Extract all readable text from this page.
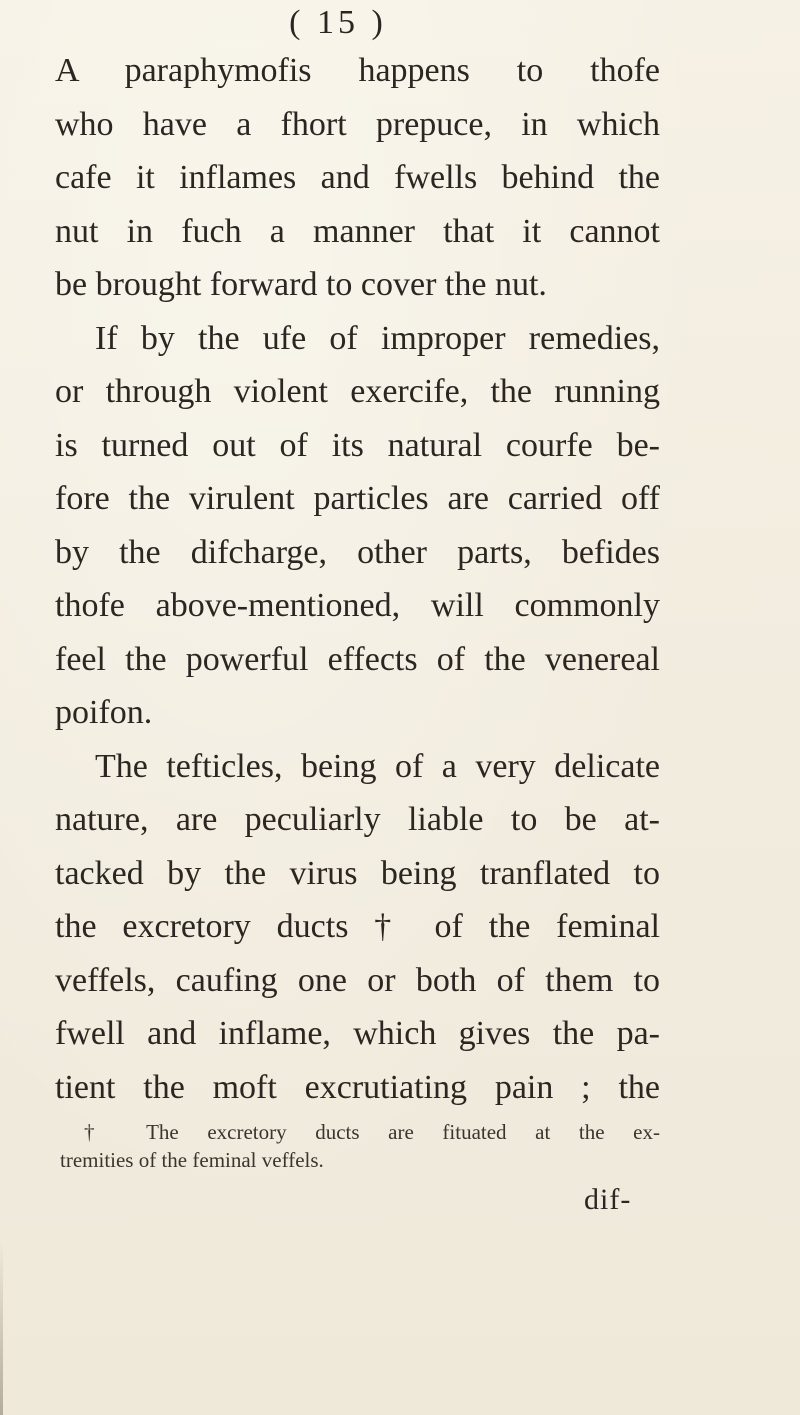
( 15 )
A paraphymofis happens to thofe
who have a fhort prepuce, in which
cafe it inflames and fwells behind the
nut in fuch a manner that it cannot
be brought forward to cover the nut.
If by the ufe of improper remedies,
or through violent exercife, the running
is turned out of its natural courfe be-
fore the virulent particles are carried off
by the difcharge, other parts, befides
thofe above-mentioned, will commonly
feel the powerful effects of the venereal
poifon.
The tefticles, being of a very delicate
nature, are peculiarly liable to be at-
tacked by the virus being tranflated to
the excretory ducts † of the feminal
veffels, caufing one or both of them to
fwell and inflame, which gives the pa-
tient the moft excrutiating pain ; the
† The excretory ducts are fituated at the ex-
tremities of the feminal veffels.
dif-
